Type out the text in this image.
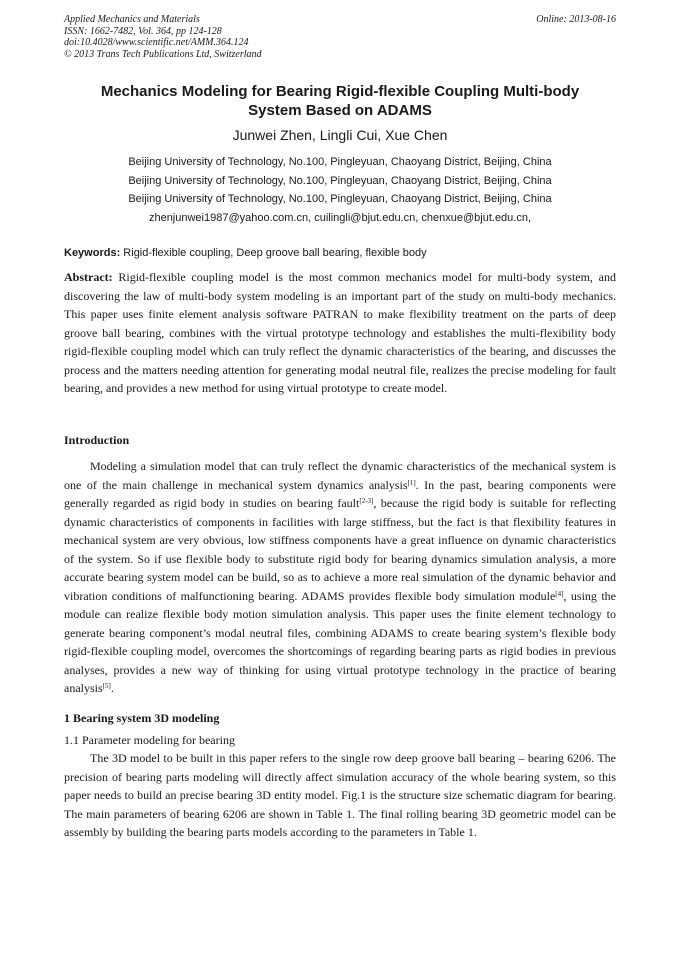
Applied Mechanics and Materials
ISSN: 1662-7482, Vol. 364, pp 124-128
doi:10.4028/www.scientific.net/AMM.364.124
© 2013 Trans Tech Publications Ltd, Switzerland
Online: 2013-08-16
Mechanics Modeling for Bearing Rigid-flexible Coupling Multi-body
System Based on ADAMS
Junwei Zhen, Lingli Cui, Xue Chen
Beijing University of Technology, No.100, Pingleyuan, Chaoyang District, Beijing, China
Beijing University of Technology, No.100, Pingleyuan, Chaoyang District, Beijing, China
Beijing University of Technology, No.100, Pingleyuan, Chaoyang District, Beijing, China
zhenjunwei1987@yahoo.com.cn, cuilingli@bjut.edu.cn, chenxue@bjut.edu.cn,
Keywords: Rigid-flexible coupling, Deep groove ball bearing, flexible body
Abstract: Rigid-flexible coupling model is the most common mechanics model for multi-body system, and discovering the law of multi-body system modeling is an important part of the study on multi-body mechanics. This paper uses finite element analysis software PATRAN to make flexibility treatment on the parts of deep groove ball bearing, combines with the virtual prototype technology and establishes the multi-flexibility body rigid-flexible coupling model which can truly reflect the dynamic characteristics of the bearing, and discusses the process and the matters needing attention for generating modal neutral file, realizes the precise modeling for fault bearing, and provides a new method for using virtual prototype to create model.
Introduction
Modeling a simulation model that can truly reflect the dynamic characteristics of the mechanical system is one of the main challenge in mechanical system dynamics analysis[1]. In the past, bearing components were generally regarded as rigid body in studies on bearing fault[2-3], because the rigid body is suitable for reflecting dynamic characteristics of components in facilities with large stiffness, but the fact is that flexibility features in mechanical system are very obvious, low stiffness components have a great influence on dynamic characteristics of the system. So if use flexible body to substitute rigid body for bearing dynamics simulation analysis, a more accurate bearing system model can be build, so as to achieve a more real simulation of the dynamic behavior and vibration conditions of malfunctioning bearing. ADAMS provides flexible body simulation module[4], using the module can realize flexible body motion simulation analysis. This paper uses the finite element technology to generate bearing component’s modal neutral files, combining ADAMS to create bearing system’s flexible body rigid-flexible coupling model, overcomes the shortcomings of regarding bearing parts as rigid bodies in previous analyses, provides a new way of thinking for using virtual prototype technology in the practice of bearing analysis[5].
1 Bearing system 3D modeling
1.1 Parameter modeling for bearing
The 3D model to be built in this paper refers to the single row deep groove ball bearing – bearing 6206. The precision of bearing parts modeling will directly affect simulation accuracy of the whole bearing system, so this paper needs to build an precise bearing 3D entity model. Fig.1 is the structure size schematic diagram for bearing. The main parameters of bearing 6206 are shown in Table 1. The final rolling bearing 3D geometric model can be assembly by building the bearing parts models according to the parameters in Table 1.
